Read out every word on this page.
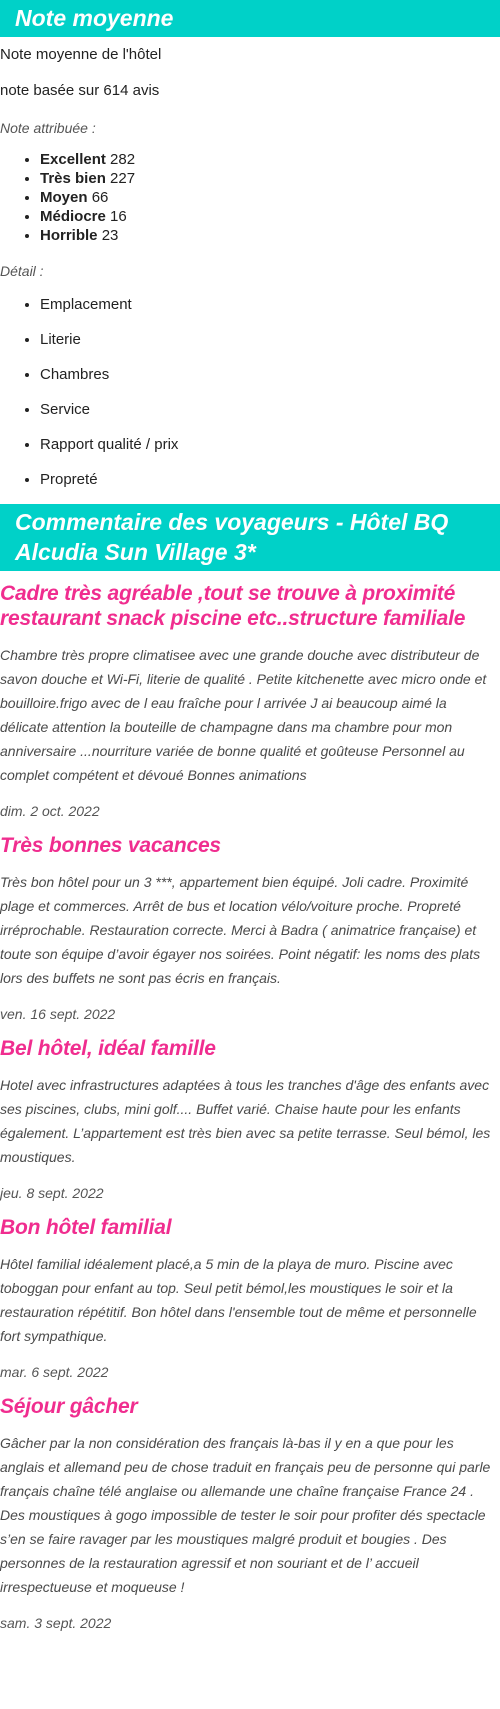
Note moyenne

Note moyenne de l'hôtel

note basée sur 614 avis

Note attribuée :

• Excellent 282
• Très bien 227
• Moyen 66
• Médiocre 16
• Horrible 23

Détail :

• Emplacement
• Literie
• Chambres
• Service
• Rapport qualité / prix
• Propreté
Commentaire des voyageurs - Hôtel BQ Alcudia Sun Village 3*
Cadre très agréable ,tout se trouve à proximité restaurant snack piscine etc..structure familiale

Chambre très propre climatisee avec une grande douche avec distributeur de savon douche et Wi-Fi, literie de qualité . Petite kitchenette avec micro onde et bouilloire.frigo avec de l eau fraîche pour l arrivée J ai beaucoup aimé la délicate attention la bouteille de champagne dans ma chambre pour mon anniversaire ...nourriture variée de bonne qualité et goûteuse Personnel au complet compétent et dévoué Bonnes animations

dim. 2 oct. 2022

Très bonnes vacances

Très bon hôtel pour un 3 ***, appartement bien équipé. Joli cadre. Proximité plage et commerces. Arrêt de bus et location vélo/voiture proche. Propreté irréprochable. Restauration correcte. Merci à Badra ( animatrice française) et toute son équipe d’avoir égayer nos soirées. Point négatif: les noms des plats lors des buffets ne sont pas écris en français.

ven. 16 sept. 2022

Bel hôtel, idéal famille

Hotel avec infrastructures adaptées à tous les tranches d'âge des enfants avec ses piscines, clubs, mini golf.... Buffet varié. Chaise haute pour les enfants également. L’appartement est très bien avec sa petite terrasse. Seul bémol, les moustiques.

jeu. 8 sept. 2022

Bon hôtel familial

Hôtel familial idéalement placé,a 5 min de la playa de muro. Piscine avec toboggan pour enfant au top. Seul petit bémol,les moustiques le soir et la restauration répétitif. Bon hôtel dans l'ensemble tout de même et personnelle fort sympathique.

mar. 6 sept. 2022

Séjour gâcher

Gâcher par la non considération des français là-bas il y en a que pour les anglais et allemand peu de chose traduit en français peu de personne qui parle français chaîne télé anglaise ou allemande une chaîne française France 24 . Des moustiques à gogo impossible de tester le soir pour profiter dés spectacle s’en se faire ravager par les moustiques malgré produit et bougies . Des personnes de la restauration agressif et non souriant et de l’ accueil irrespectueuse et moqueuse !

sam. 3 sept. 2022
